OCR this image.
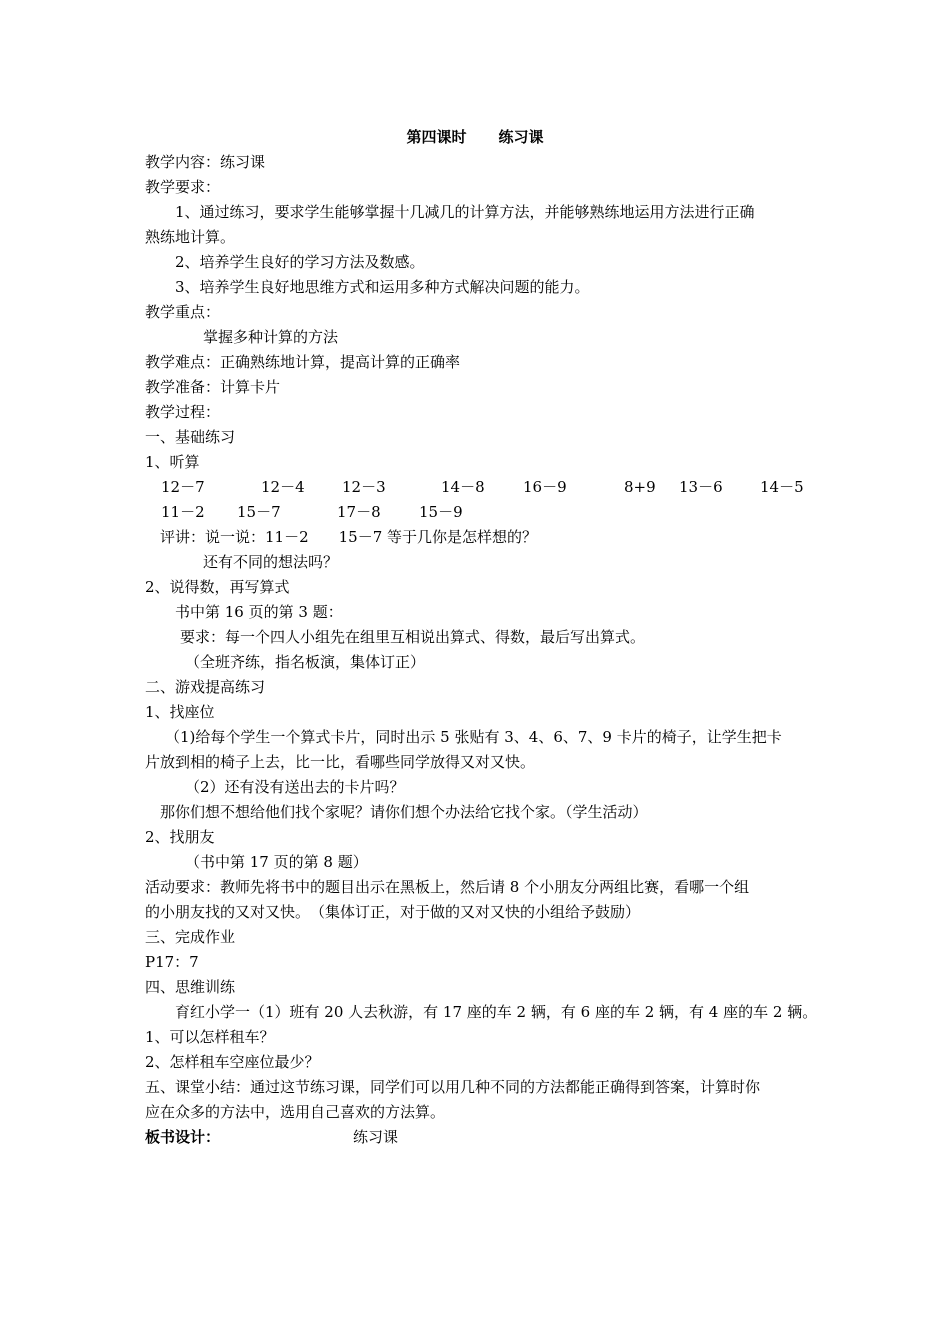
第四课时 练习课
教学内容：练习课
教学要求：
1、通过练习，要求学生能够掌握十几减几的计算方法，并能够熟练地运用方法进行正确
熟练地计算。
2、培养学生良好的学习方法及数感。
3、培养学生良好地思维方式和运用多种方式解决问题的能力。
教学重点：
掌握多种计算的方法
教学难点：正确熟练地计算，提高计算的正确率
教学准备：计算卡片
教学过程：
一、基础练习
1、听算
12－7	12－4 12－3	14－8	16－9	8+9 13－6 14－5
11－2 15－7	17－8	15－9
评讲：说一说：11－2　　15－7 等于几你是怎样想的？
还有不同的想法吗？
2、说得数，再写算式
书中第 16 页的第 3 题：
要求：每一个四人小组先在组里互相说出算式、得数，最后写出算式。
（全班齐练，指名板演，集体订正）
二、游戏提高练习
1、找座位
（1)给每个学生一个算式卡片，同时出示 5 张贴有 3、4、6、7、9 卡片的椅子，让学生把卡
片放到相的椅子上去，比一比，看哪些同学放得又对又快。
（2）还有没有送出去的卡片吗？
那你们想不想给他们找个家呢？请你们想个办法给它找个家。（学生活动）
2、找朋友
（书中第 17 页的第 8 题）
活动要求：教师先将书中的题目出示在黑板上，然后请 8 个小朋友分两组比赛，看哪一个组
的小朋友找的又对又快。　（集体订正，对于做的又对又快的小组给予鼓励）
三、完成作业
P17：7
四、思维训练
育红小学一（1）班有 20 人去秋游，有 17 座的车 2 辆，有 6 座的车 2 辆，有 4 座的车 2 辆。
1、可以怎样租车？
2、怎样租车空座位最少？
五、课堂小结：通过这节练习课，同学们可以用几种不同的方法都能正确得到答案，计算时你
应在众多的方法中，选用自己喜欢的方法算。
板书设计：	练习课
